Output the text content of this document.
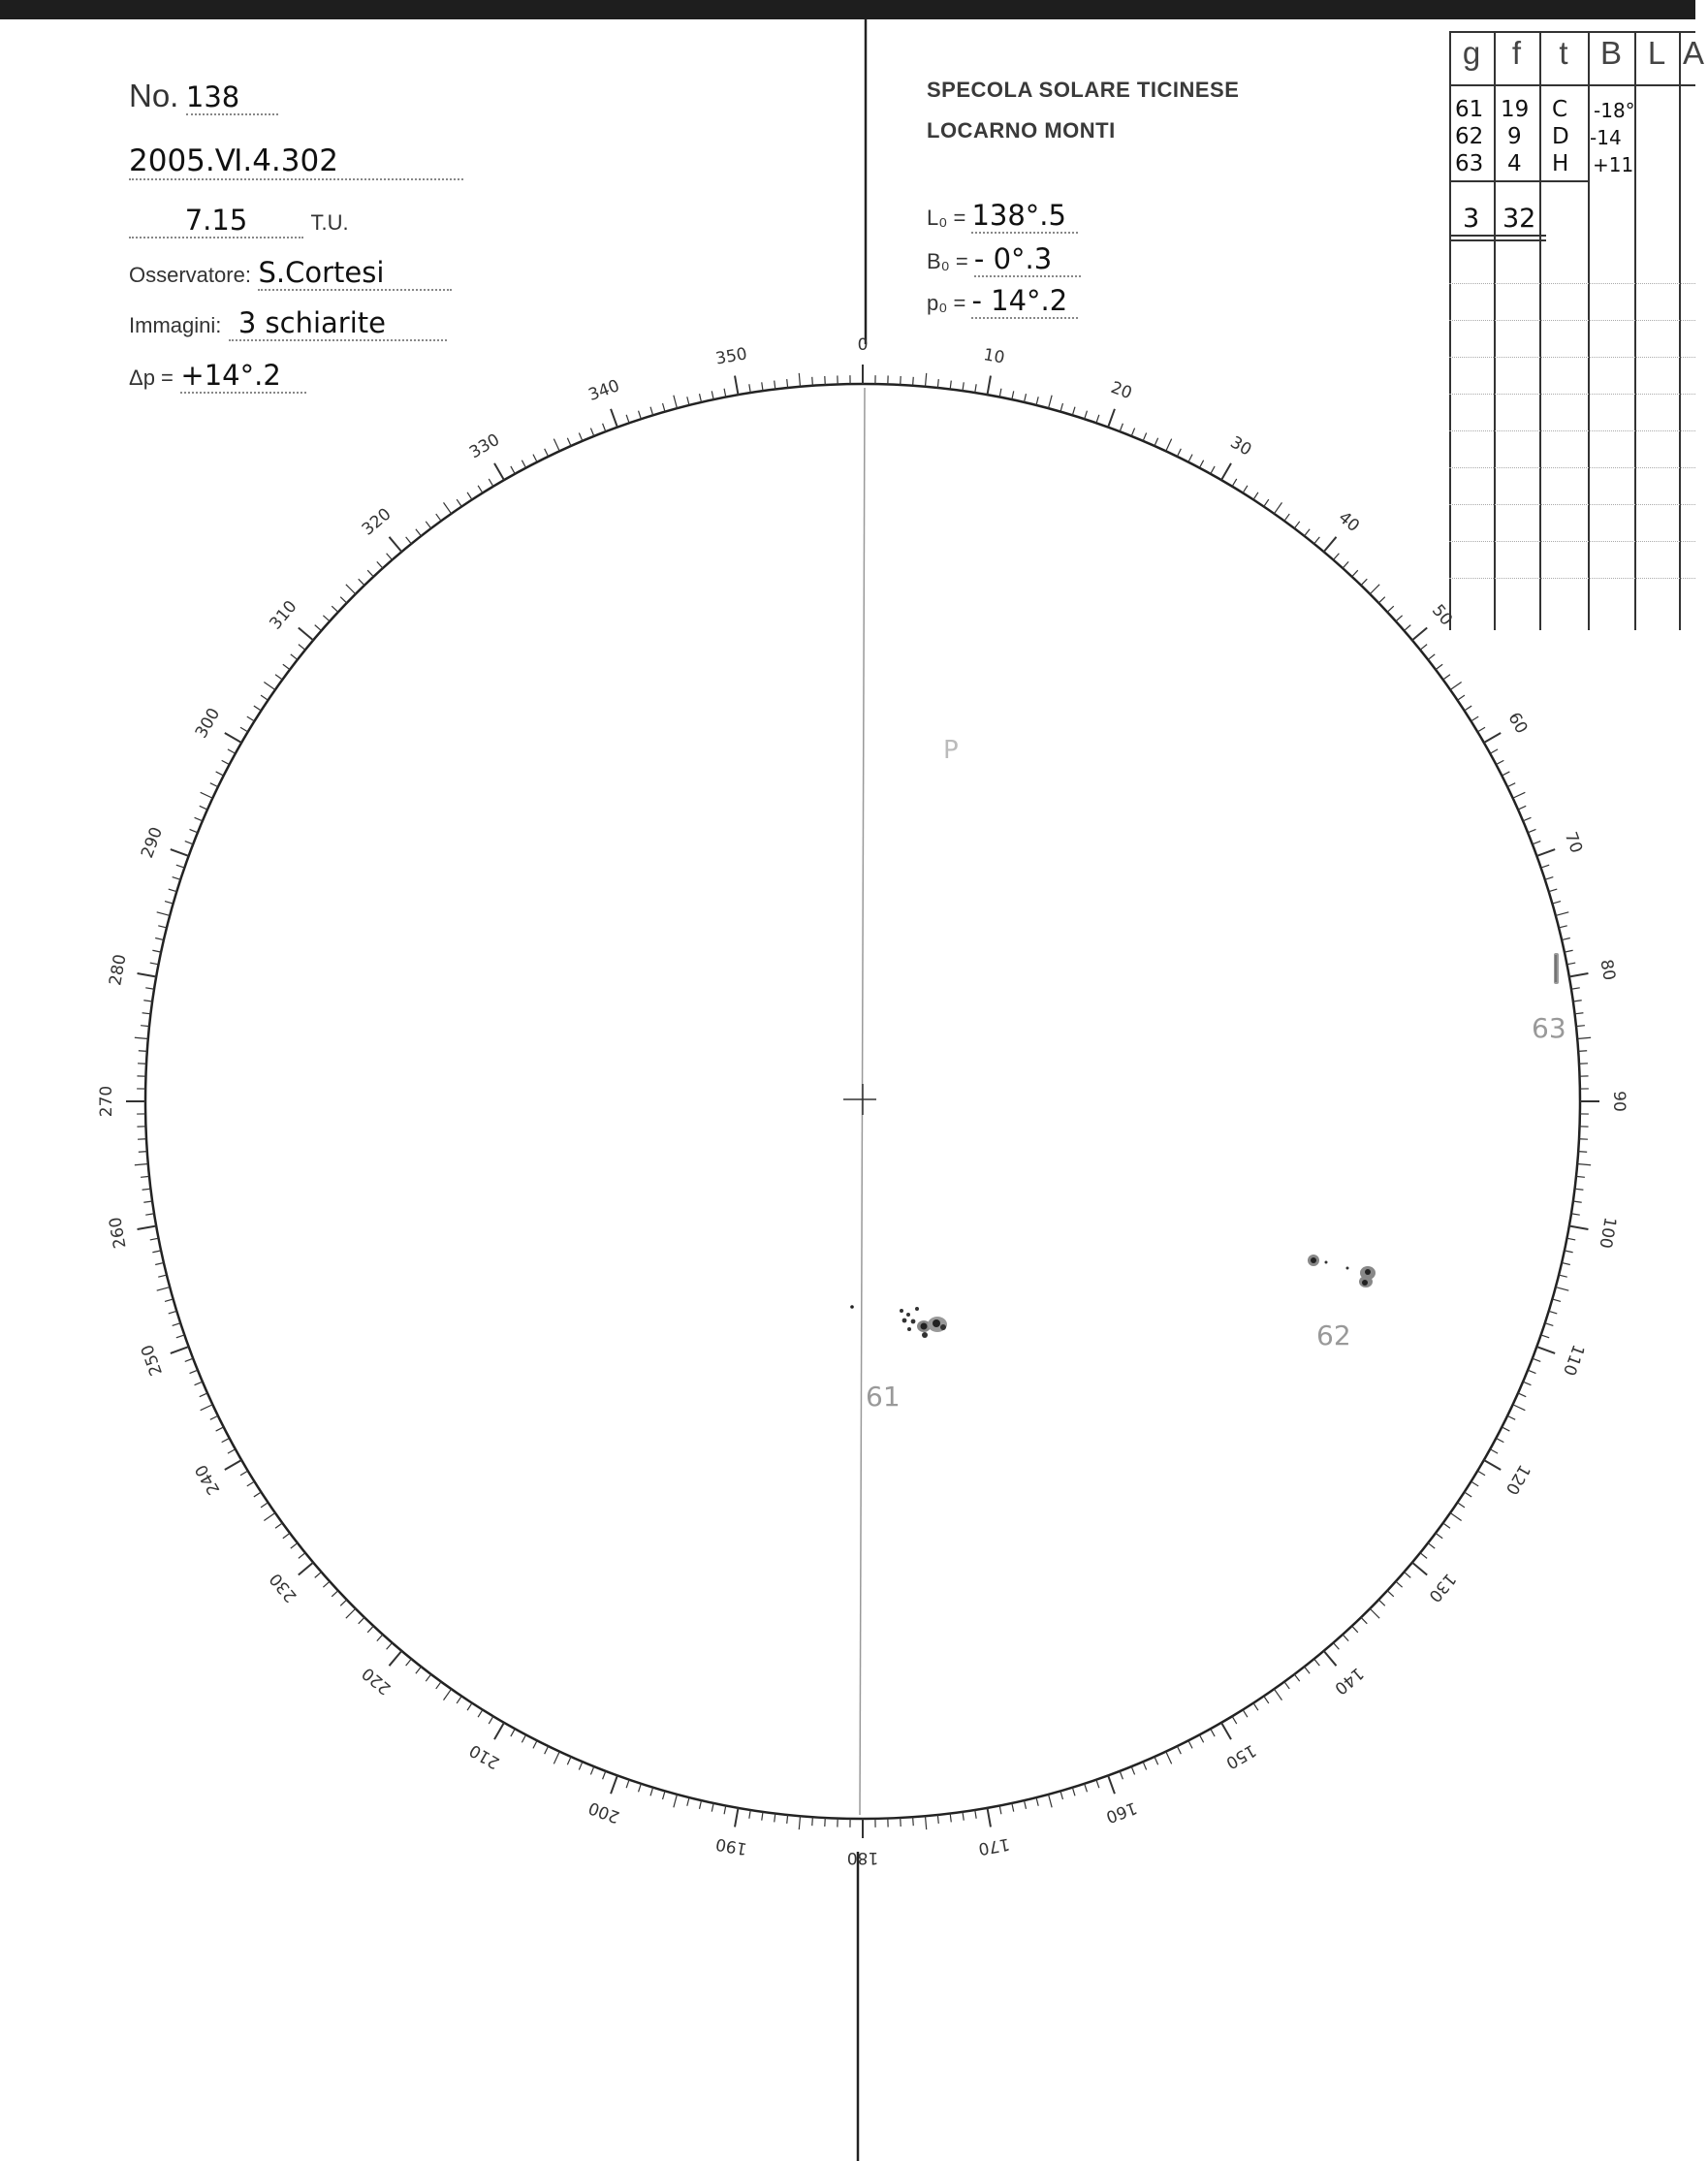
No. 138
2005.Ⅵ.4.302
7.15	T.U.
Osservatore: S.Cortesi
Immagini: 3 schiarite
Δp = +14°.2
SPECOLA SOLARE TICINESE
LOCARNO MONTI
L₀ = 138°.5
B₀ = - 0°.3
p₀ = - 14°.2
g f	t	B L A
61 19 C -18°
62 9 D -14
63 4 H +11
3 32
0
10
20
30
40
50
60
70
80
90
100
110
120
130
140
150
160
170
180
190
200
210
220
230
240
250
260
270
280
290
300
310
320
330
340
350
P
61
62
63
